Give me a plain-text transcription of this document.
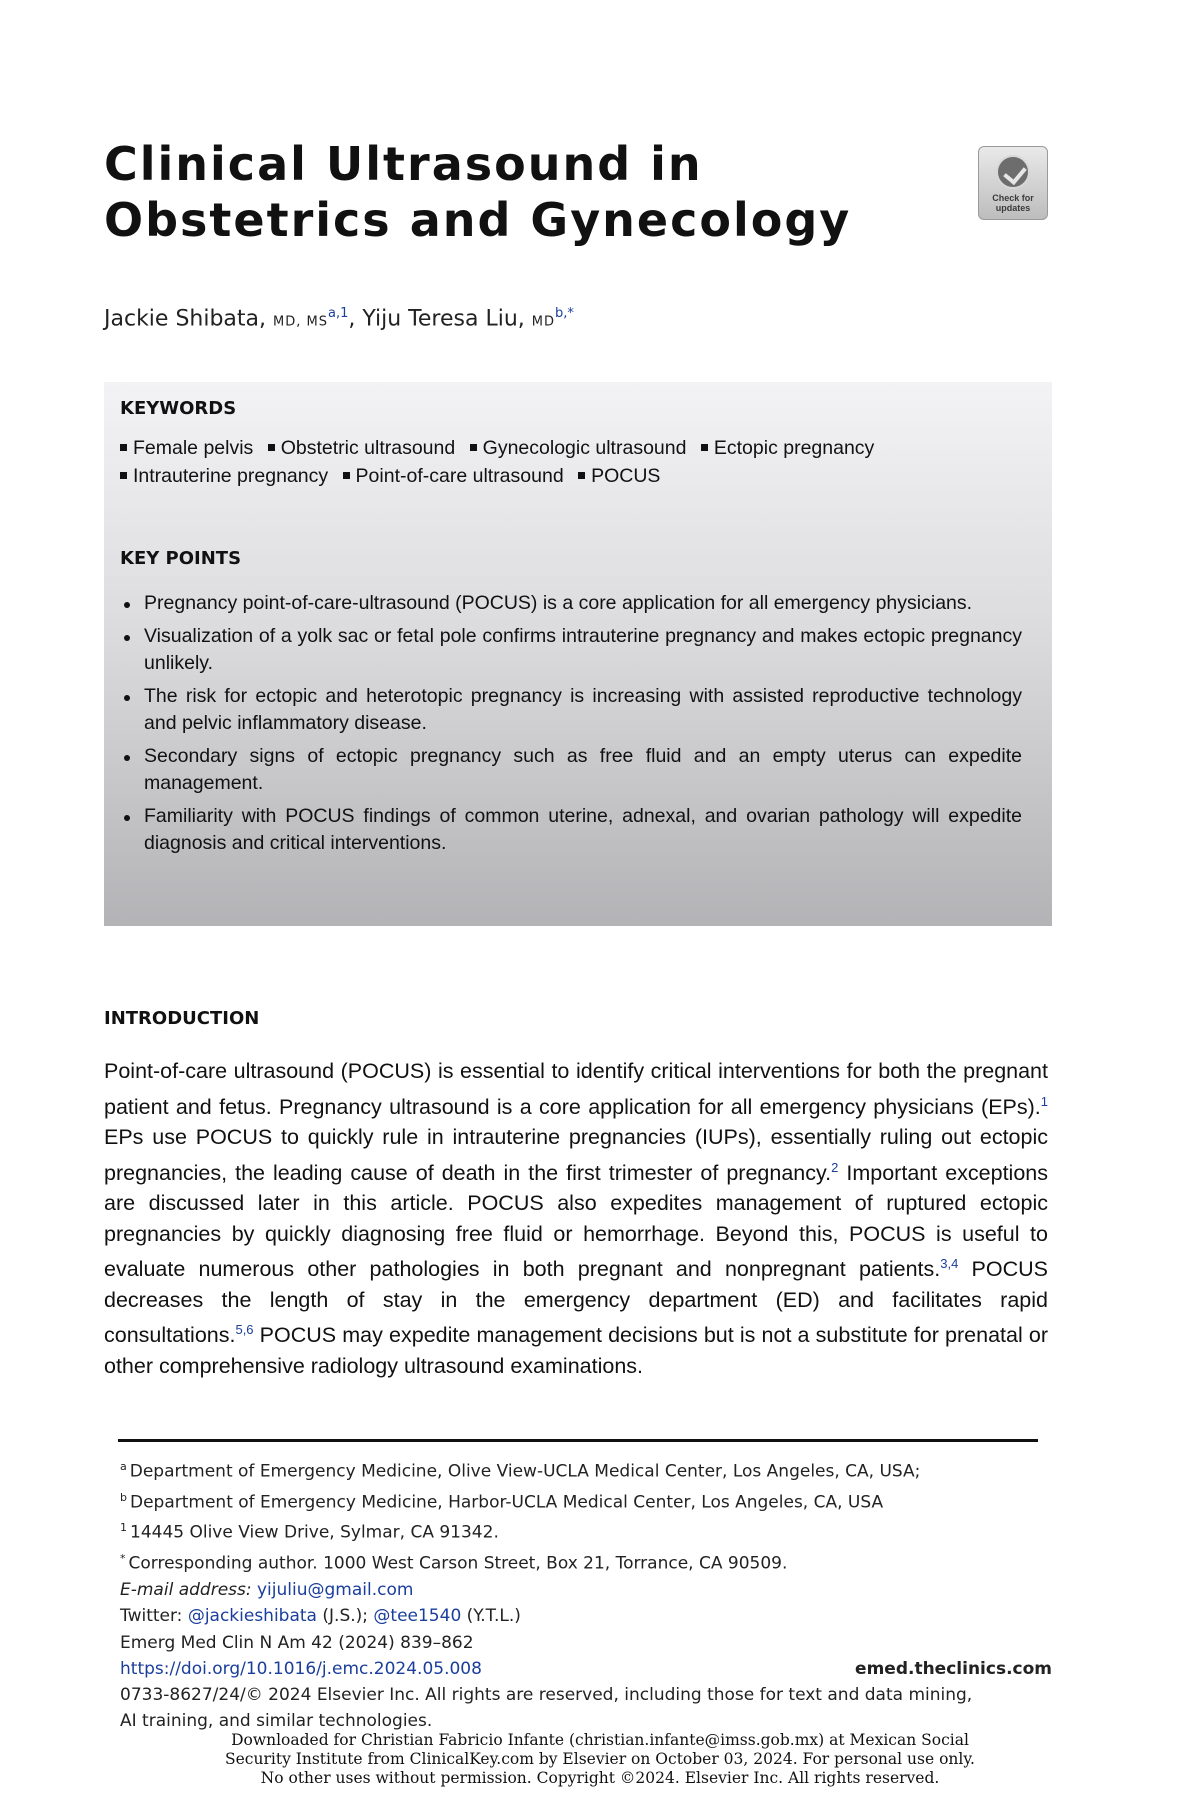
Clinical Ultrasound in
Obstetrics and Gynecology	Check for updates

Jackie Shibata, MD, MS$^{a,1}$, Yiju Teresa Liu, $MD^{b,*}$

KEYWORDS
Female pelvis Obstetric ultrasound Gynecologic ultrasound Ectopic pregnancy
Intrauterine pregnancy Point-of-care ultrasound POCUS
KEY POINTS
Pregnancy point-of-care-ultrasound (POCUS) is a core application for all emergency physicians.
Visualization of a yolk sac or fetal pole confirms intrauterine pregnancy and makes ectopic pregnancy unlikely.
The risk for ectopic and heterotopic pregnancy is increasing with assisted reproductive technology and pelvic inflammatory disease.
Secondary signs of ectopic pregnancy such as free fluid and an empty uterus can expedite management.
Familiarity with POCUS findings of common uterine, adnexal, and ovarian pathology will expedite diagnosis and critical interventions.
INTRODUCTION

Point-of-care ultrasound (POCUS) is essential to identify critical interventions for both the pregnant patient and fetus. Pregnancy ultrasound is a core application for all emergency physicians (EPs).$^1$ EPs use POCUS to quickly rule in intrauterine pregnancies (IUPs), essentially ruling out ectopic pregnancies, the leading cause of death in the first trimester of pregnancy.$^2$ Important exceptions are discussed later in this article. POCUS also expedites management of ruptured ectopic pregnancies by quickly diagnosing free fluid or hemorrhage. Beyond this, POCUS is useful to evaluate numerous other pathologies in both pregnant and nonpregnant patients.$^{3,4}$ POCUS decreases the length of stay in the emergency department (ED) and facilitates rapid consultations.$^{5,6}$ POCUS may expedite management decisions but is not a substitute for prenatal or other comprehensive radiology ultrasound examinations.

$^a$ Department of Emergency Medicine, Olive View-UCLA Medical Center, Los Angeles, CA, USA;
$^b$ Department of Emergency Medicine, Harbor-UCLA Medical Center, Los Angeles, CA, USA
$^1$ 14445 Olive View Drive, Sylmar, CA 91342.
* Corresponding author. 1000 West Carson Street, Box 21, Torrance, CA 90509.
E-mail address: yijuliu@gmail.com
Twitter: @jackieshibata (J.S.); @tee1540 (Y.T.L.)
Emerg Med Clin N Am 42 (2024) 839–862
https://doi.org/10.1016/j.emc.2024.05.008	emed.theclinics.com
0733-8627/24/© 2024 Elsevier Inc. All rights are reserved, including those for text and data mining,
AI training, and similar technologies.
Downloaded for Christian Fabricio Infante (christian.infante@imss.gob.mx) at Mexican Social
Security Institute from ClinicalKey.com by Elsevier on October 03, 2024. For personal use only.
No other uses without permission. Copyright ©2024. Elsevier Inc. All rights reserved.
